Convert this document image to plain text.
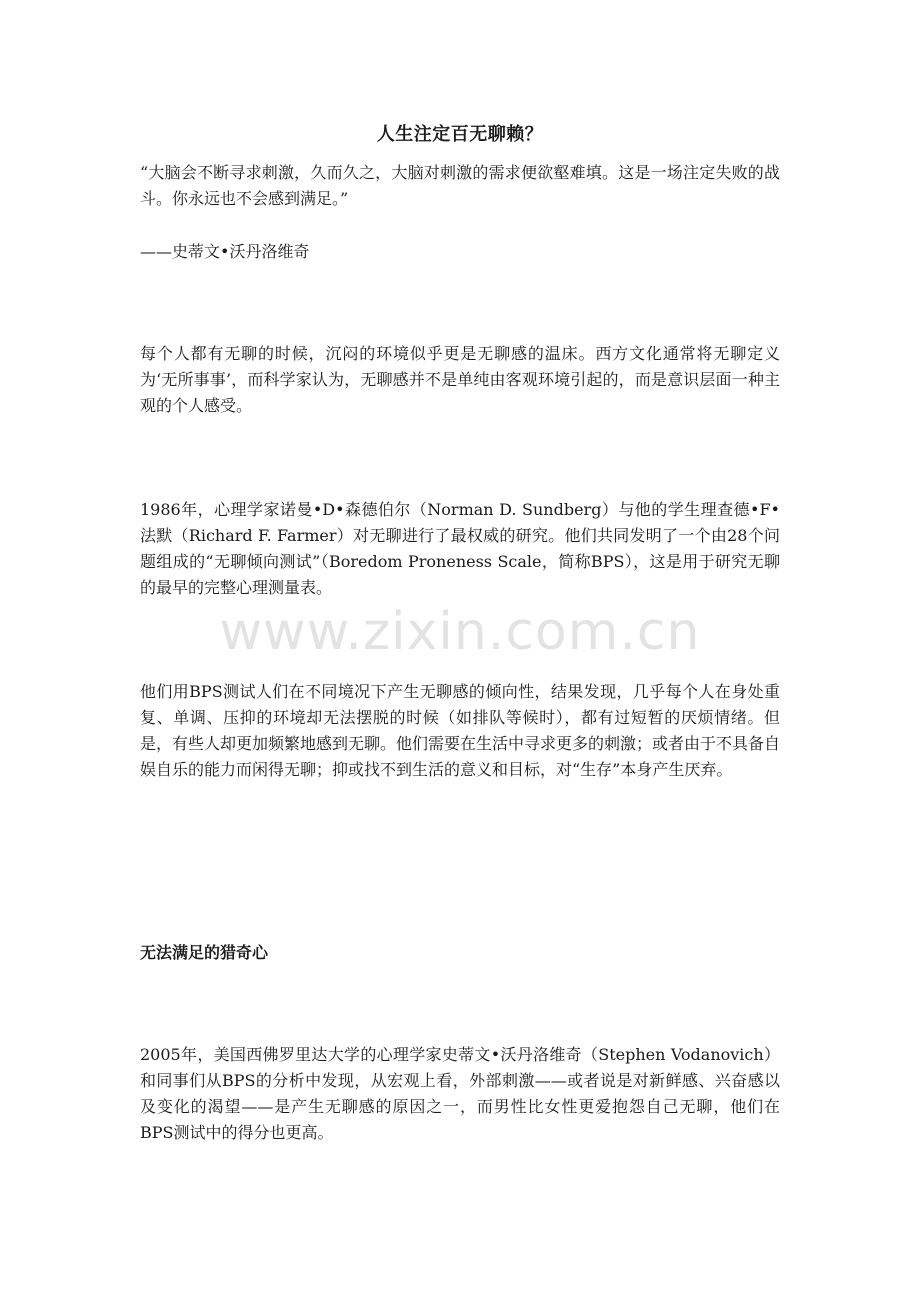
人生注定百无聊赖？

“大脑会不断寻求刺激，久而久之，大脑对刺激的需求便欲壑难填。这是一场注定失败的战斗。你永远也不会感到满足。”

——史蒂文•沃丹洛维奇

每个人都有无聊的时候，沉闷的环境似乎更是无聊感的温床。西方文化通常将无聊定义为‘无所事事’，而科学家认为，无聊感并不是单纯由客观环境引起的，而是意识层面一种主观的个人感受。

1986年，心理学家诺曼•D•森德伯尔（Norman D. Sundberg）与他的学生理查德•F•法默（Richard F. Farmer）对无聊进行了最权威的研究。他们共同发明了一个由28个问题组成的“无聊倾向测试”（Boredom Proneness Scale，简称BPS），这是用于研究无聊的最早的完整心理测量表。

www.zixin.com.cn

他们用BPS测试人们在不同境况下产生无聊感的倾向性，结果发现，几乎每个人在身处重复、单调、压抑的环境却无法摆脱的时候（如排队等候时），都有过短暂的厌烦情绪。但是，有些人却更加频繁地感到无聊。他们需要在生活中寻求更多的刺激；或者由于不具备自娱自乐的能力而闲得无聊；抑或找不到生活的意义和目标，对“生存”本身产生厌弃。

无法满足的猎奇心

2005年，美国西佛罗里达大学的心理学家史蒂文•沃丹洛维奇（Stephen Vodanovich）和同事们从BPS的分析中发现，从宏观上看，外部刺激——或者说是对新鲜感、兴奋感以及变化的渴望——是产生无聊感的原因之一，而男性比女性更爱抱怨自己无聊，他们在BPS测试中的得分也更高。
